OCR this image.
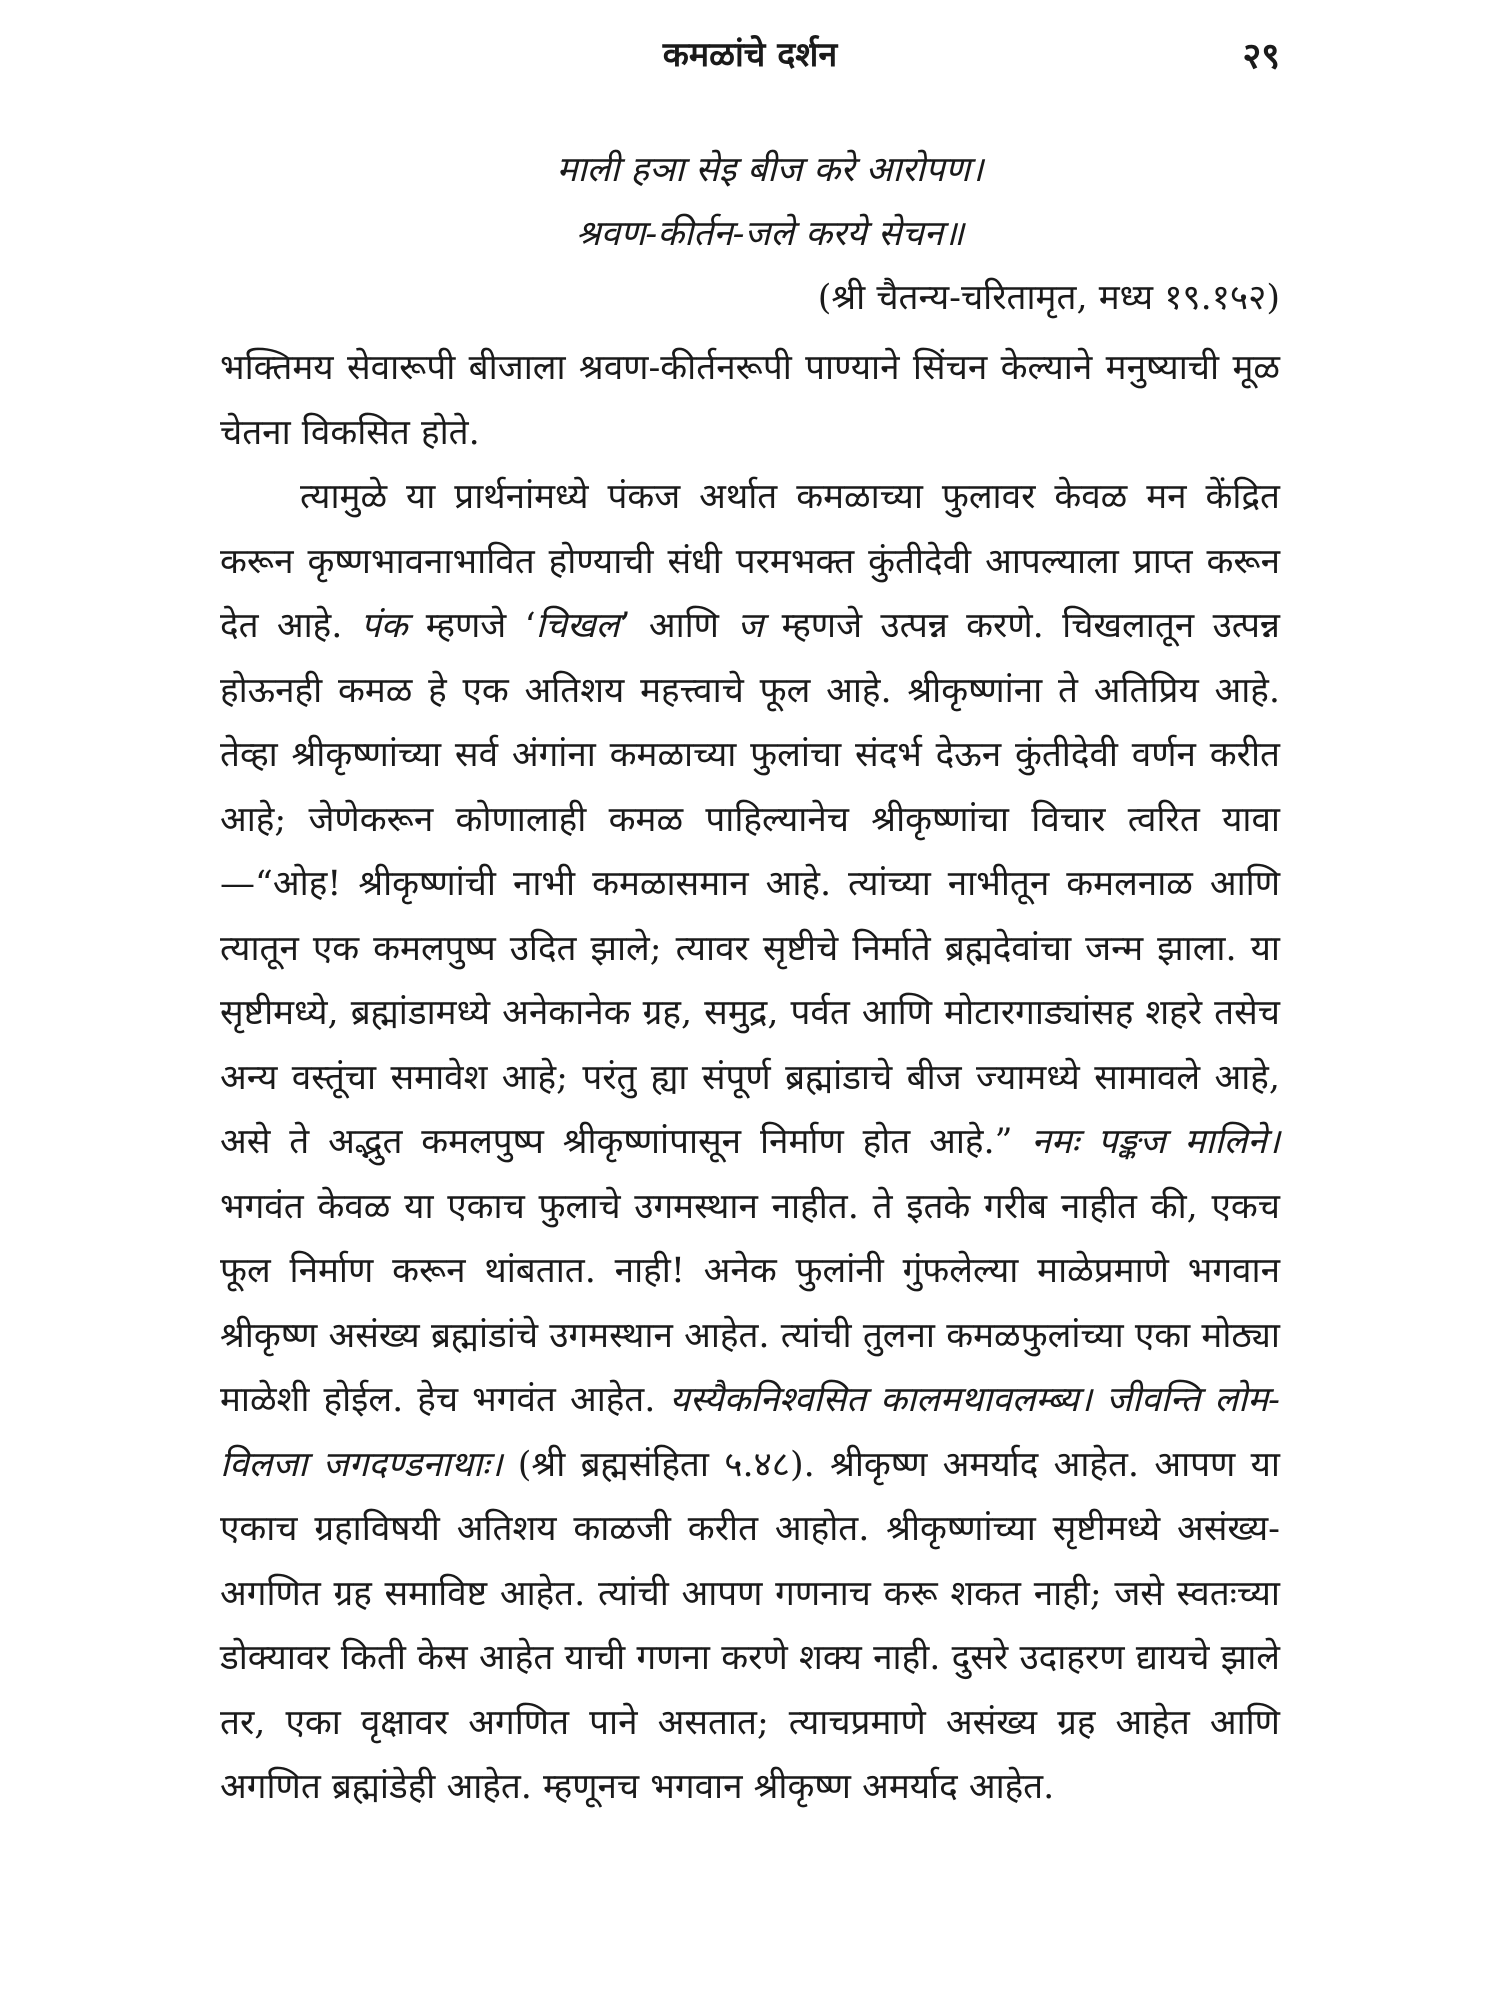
कमळांचे दर्शन	२९
माली हञा सेइ बीज करे आरोपण।
श्रवण-कीर्तन-जले करये सेचन॥
(श्री चैतन्य-चरितामृत, मध्य १९.१५२)

भक्तिमय सेवारूपी बीजाला श्रवण-कीर्तनरूपी पाण्याने सिंचन केल्याने मनुष्याची मूळ चेतना विकसित होते.

त्यामुळे या प्रार्थनांमध्ये पंकज अर्थात कमळाच्या फुलावर केवळ मन केंद्रित करून कृष्णभावनाभावित होण्याची संधी परमभक्त कुंतीदेवी आपल्याला प्राप्त करून देत आहे. पंक म्हणजे ‘चिखल’ आणि ज म्हणजे उत्पन्न करणे. चिखलातून उत्पन्न होऊनही कमळ हे एक अतिशय महत्त्वाचे फूल आहे. श्रीकृष्णांना ते अतिप्रिय आहे. तेव्हा श्रीकृष्णांच्या सर्व अंगांना कमळाच्या फुलांचा संदर्भ देऊन कुंतीदेवी वर्णन करीत आहे; जेणेकरून कोणालाही कमळ पाहिल्यानेच श्रीकृष्णांचा विचार त्वरित यावा—“ओह! श्रीकृष्णांची नाभी कमळासमान आहे. त्यांच्या नाभीतून कमलनाळ आणि त्यातून एक कमलपुष्प उदित झाले; त्यावर सृष्टीचे निर्माते ब्रह्मदेवांचा जन्म झाला. या सृष्टीमध्ये, ब्रह्मांडामध्ये अनेकानेक ग्रह, समुद्र, पर्वत आणि मोटारगाड्यांसह शहरे तसेच अन्य वस्तूंचा समावेश आहे; परंतु ह्या संपूर्ण ब्रह्मांडाचे बीज ज्यामध्ये सामावले आहे, असे ते अद्भुत कमलपुष्प श्रीकृष्णांपासून निर्माण होत आहे.” नमः पङ्कज मालिने। भगवंत केवळ या एकाच फुलाचे उगमस्थान नाहीत. ते इतके गरीब नाहीत की, एकच फूल निर्माण करून थांबतात. नाही! अनेक फुलांनी गुंफलेल्या माळेप्रमाणे भगवान श्रीकृष्ण असंख्य ब्रह्मांडांचे उगमस्थान आहेत. त्यांची तुलना कमळफुलांच्या एका मोठ्या माळेशी होईल. हेच भगवंत आहेत. यस्यैकनिश्वसित कालमथावलम्ब्य। जीवन्ति लोम-विलजा जगदण्डनाथाः। (श्री ब्रह्मसंहिता ५.४८). श्रीकृष्ण अमर्याद आहेत. आपण या एकाच ग्रहाविषयी अतिशय काळजी करीत आहोत. श्रीकृष्णांच्या सृष्टीमध्ये असंख्य-अगणित ग्रह समाविष्ट आहेत. त्यांची आपण गणनाच करू शकत नाही; जसे स्वतःच्या डोक्यावर किती केस आहेत याची गणना करणे शक्य नाही. दुसरे उदाहरण द्यायचे झाले तर, एका वृक्षावर अगणित पाने असतात; त्याचप्रमाणे असंख्य ग्रह आहेत आणि अगणित ब्रह्मांडेही आहेत. म्हणूनच भगवान श्रीकृष्ण अमर्याद आहेत.
